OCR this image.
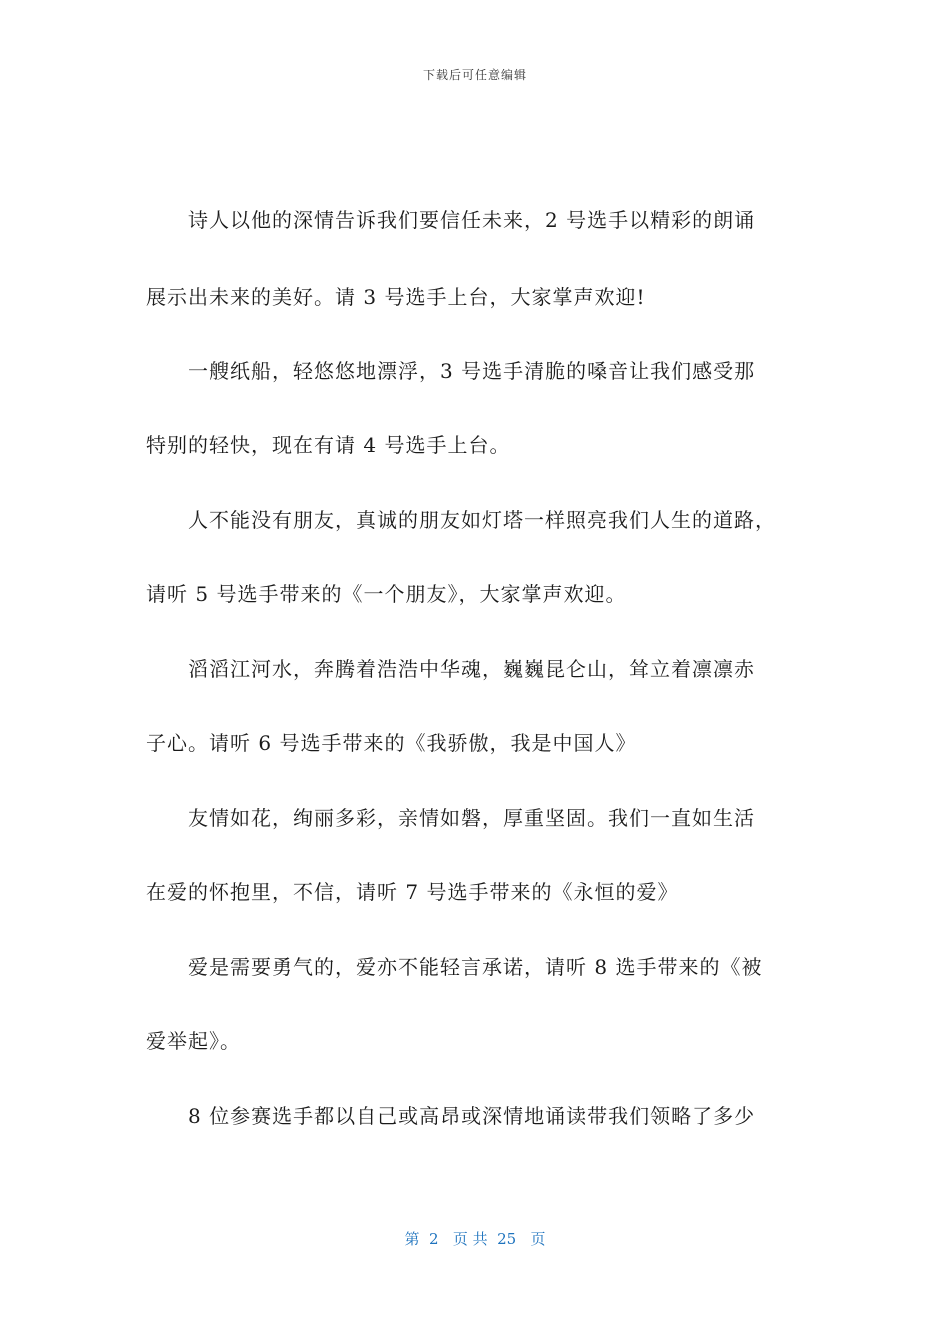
下载后可任意编辑
诗人以他的深情告诉我们要信任未来，2 号选手以精彩的朗诵
展示出未来的美好。请 3 号选手上台，大家掌声欢迎!
一艘纸船，轻悠悠地漂浮，3 号选手清脆的嗓音让我们感受那
特别的轻快，现在有请 4 号选手上台。
人不能没有朋友，真诚的朋友如灯塔一样照亮我们人生的道路，
请听 5 号选手带来的《一个朋友》，大家掌声欢迎。
滔滔江河水，奔腾着浩浩中华魂，巍巍昆仑山，耸立着凛凛赤
子心。请听 6 号选手带来的《我骄傲，我是中国人》
友情如花，绚丽多彩，亲情如磐，厚重坚固。我们一直如生活
在爱的怀抱里，不信，请听 7 号选手带来的《永恒的爱》
爱是需要勇气的，爱亦不能轻言承诺，请听 8 选手带来的《被
爱举起》。
8 位参赛选手都以自己或高昂或深情地诵读带我们领略了多少
第  2   页 共  25   页
